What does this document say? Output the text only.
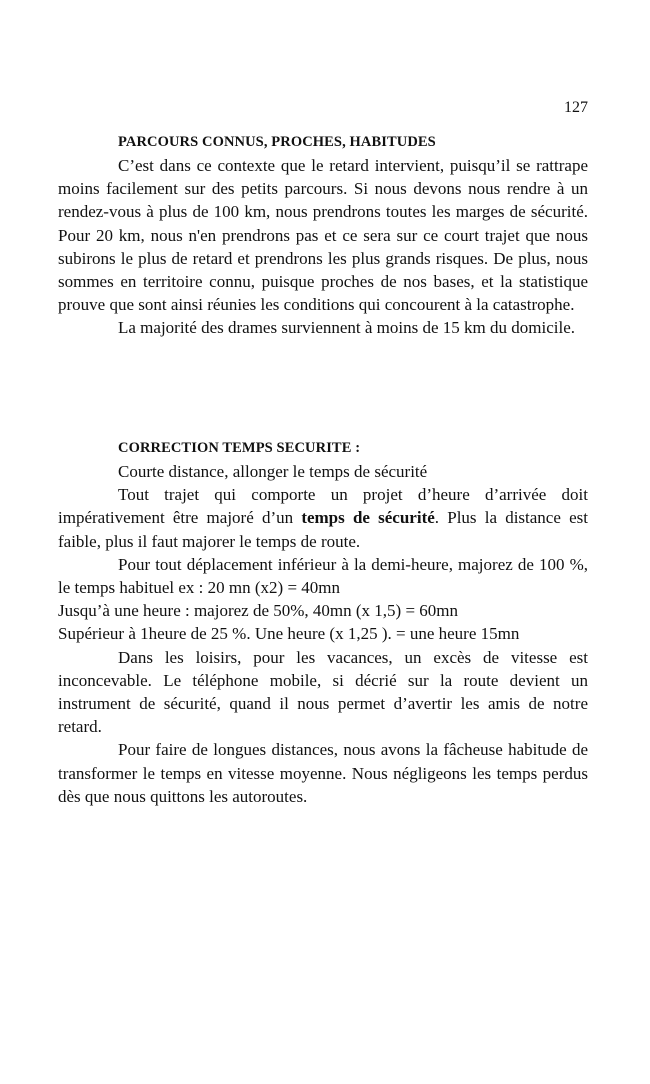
127
PARCOURS CONNUS, PROCHES, HABITUDES

C’est dans ce contexte que le retard intervient, puisqu’il se rattrape moins facilement sur des petits parcours. Si nous devons nous rendre à un rendez-vous à plus de 100 km, nous prendrons toutes les marges de sécurité. Pour 20 km, nous n'en prendrons pas et ce sera sur ce court trajet que nous subirons le plus de retard et prendrons les plus grands risques. De plus, nous sommes en territoire connu, puisque proches de nos bases, et la statistique prouve que sont ainsi réunies les conditions qui concourent à la catastrophe.

La majorité des drames surviennent à moins de 15 km du domicile.

CORRECTION TEMPS SECURITE :

Courte distance, allonger le temps de sécurité

Tout trajet qui comporte un projet d’heure d’arrivée doit impérativement être majoré d’un temps de sécurité. Plus la distance est faible, plus il faut majorer le temps de route.

Pour tout déplacement inférieur à la demi-heure, majorez de 100 %, le temps habituel ex : 20 mn (x2) = 40mn

Jusqu’à une heure : majorez de 50%, 40mn (x 1,5) = 60mn

Supérieur à 1heure de 25 %. Une heure (x 1,25 ). = une heure 15mn

Dans les loisirs, pour les vacances, un excès de vitesse est inconcevable. Le téléphone mobile, si décrié sur la route devient un instrument de sécurité, quand il nous permet d’avertir les amis de notre retard.

Pour faire de longues distances, nous avons la fâcheuse habitude de transformer le temps en vitesse moyenne. Nous négligeons les temps perdus dès que nous quittons les autoroutes.
